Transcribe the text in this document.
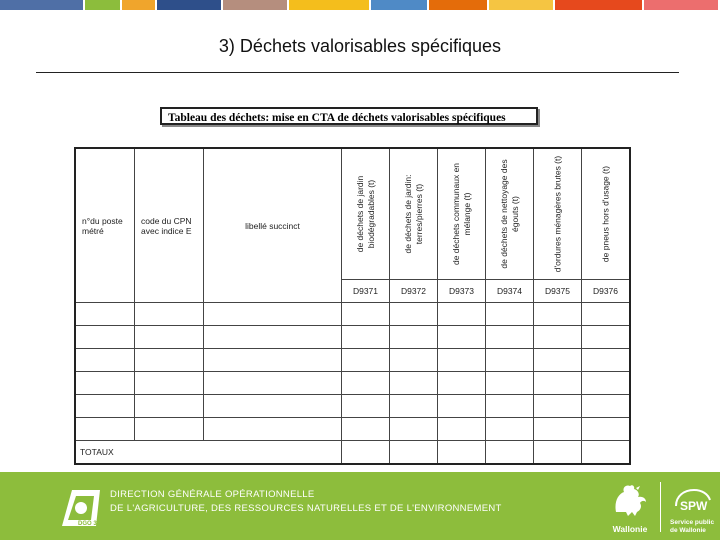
3) Déchets valorisables spécifiques
Tableau des déchets: mise en CTA de déchets valorisables spécifiques
n°du poste métré	code du CPN avec indice E	libellé succinct	de déchets de jardin biodégradables (t)	de déchets de jardin: terres/pierres (t)	de déchets communaux en mélange (t)	de déchets de nettoyage des égouts (t)	d'ordures ménagères brutes (t)	de pneus hors d'usage (t)

			D9371	D9372	D9373	D9374	D9375	D9376

TOTAUX								
DGO 3
DIRECTION GÉNÉRALE OPÉRATIONNELLE
DE L'AGRICULTURE, DES RESSOURCES NATURELLES ET DE L'ENVIRONNEMENT
Wallonie
SPW
Service public de Wallonie
